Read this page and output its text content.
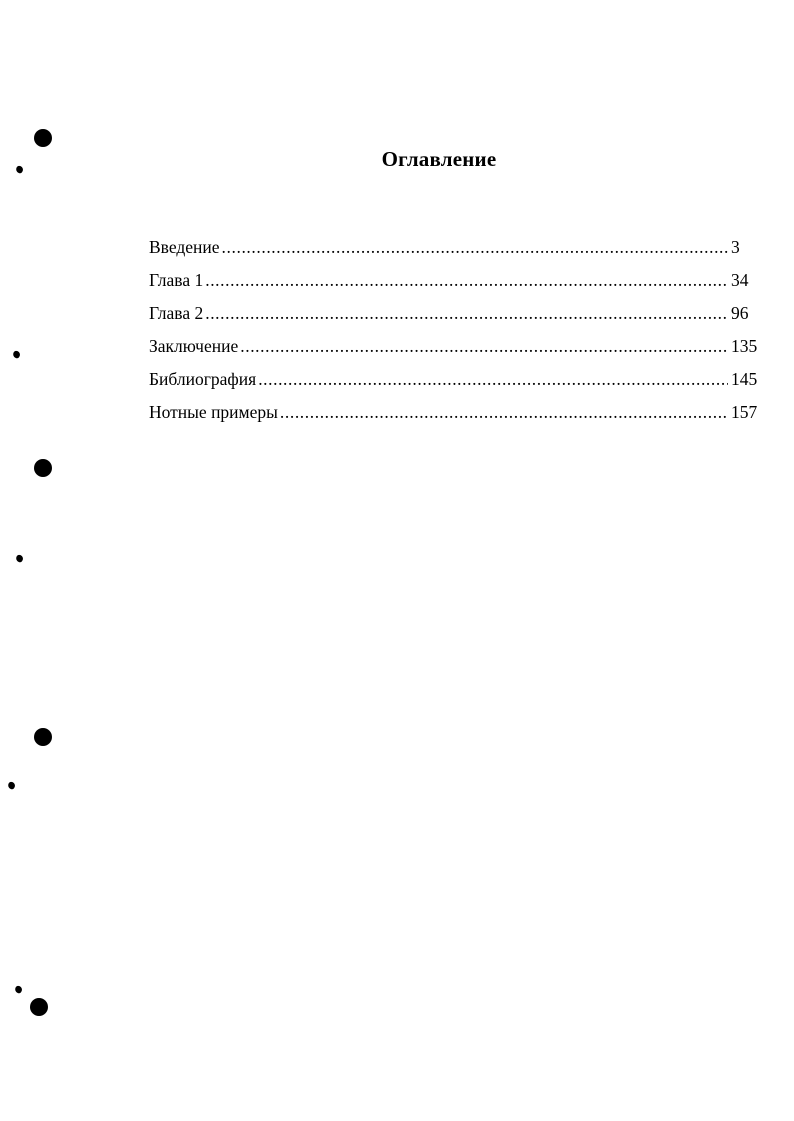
Оглавление
Введение .....	3
Глава 1 .....	34
Глава 2 .....	96
Заключение .....	135
Библиография .....	145
Нотные примеры .....	157
